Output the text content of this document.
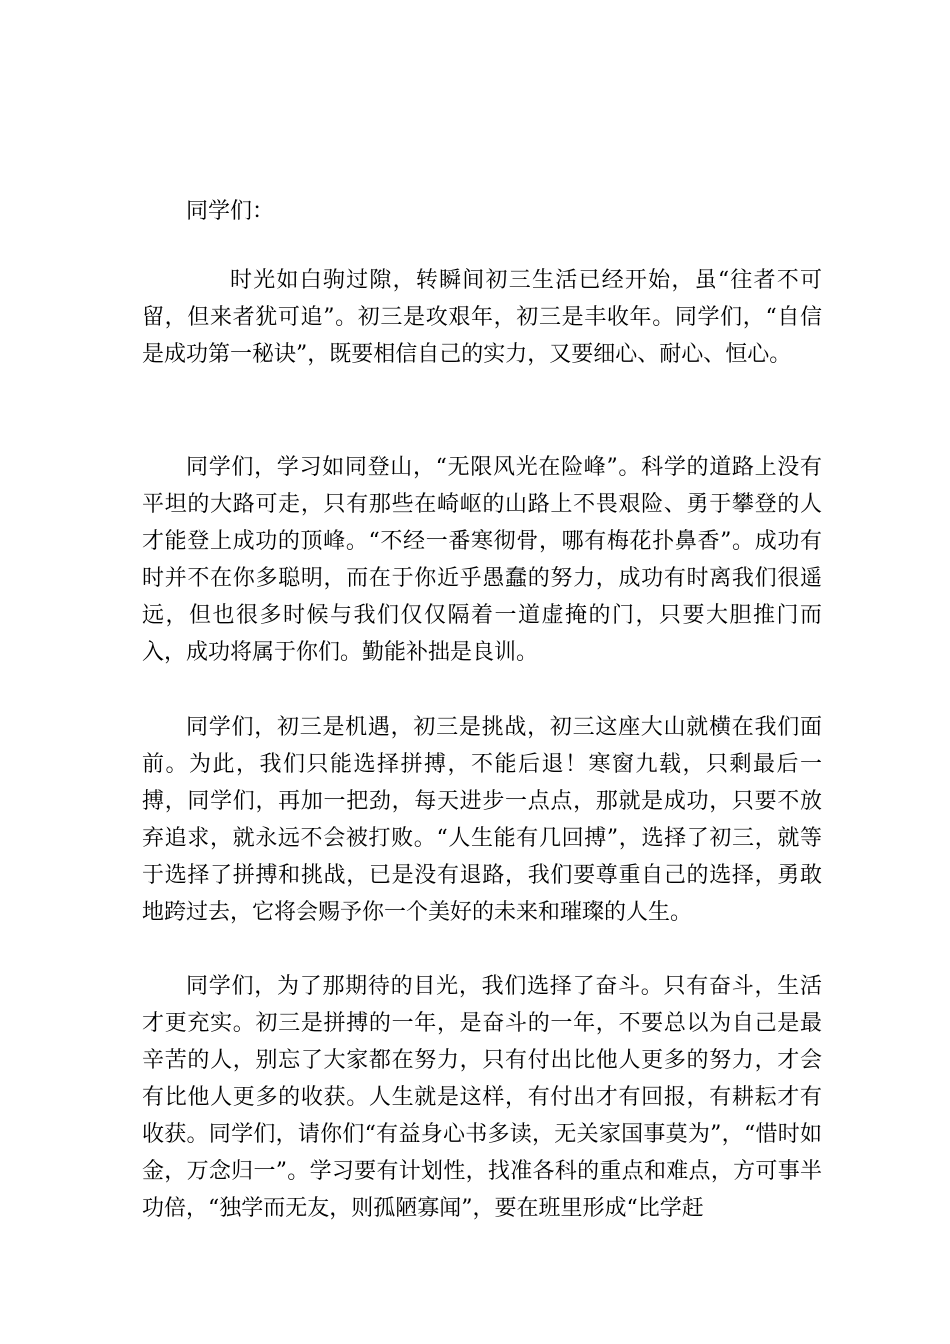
同学们：

时光如白驹过隙，转瞬间初三生活已经开始，虽“往者不可留，但来者犹可追”。初三是攻艰年，初三是丰收年。同学们，“自信是成功第一秘诀”，既要相信自己的实力，又要细心、耐心、恒心。

同学们，学习如同登山，“无限风光在险峰”。科学的道路上没有平坦的大路可走，只有那些在崎岖的山路上不畏艰险、勇于攀登的人才能登上成功的顶峰。“不经一番寒彻骨，哪有梅花扑鼻香”。成功有时并不在你多聪明，而在于你近乎愚蠢的努力，成功有时离我们很遥远，但也很多时候与我们仅仅隔着一道虚掩的门，只要大胆推门而入，成功将属于你们。勤能补拙是良训。

同学们，初三是机遇，初三是挑战，初三这座大山就横在我们面前。为此，我们只能选择拼搏，不能后退！寒窗九载，只剩最后一搏，同学们，再加一把劲，每天进步一点点，那就是成功，只要不放弃追求，就永远不会被打败。“人生能有几回搏”，选择了初三，就等于选择了拼搏和挑战，已是没有退路，我们要尊重自己的选择，勇敢地跨过去，它将会赐予你一个美好的未来和璀璨的人生。

同学们，为了那期待的目光，我们选择了奋斗。只有奋斗，生活才更充实。初三是拼搏的一年，是奋斗的一年，不要总以为自己是最辛苦的人，别忘了大家都在努力，只有付出比他人更多的努力，才会有比他人更多的收获。人生就是这样，有付出才有回报，有耕耘才有收获。同学们，请你们“有益身心书多读，无关家国事莫为”，“惜时如金，万念归一”。学习要有计划性，找准各科的重点和难点，方可事半功倍，“独学而无友，则孤陋寡闻”，要在班里形成“比学赶
